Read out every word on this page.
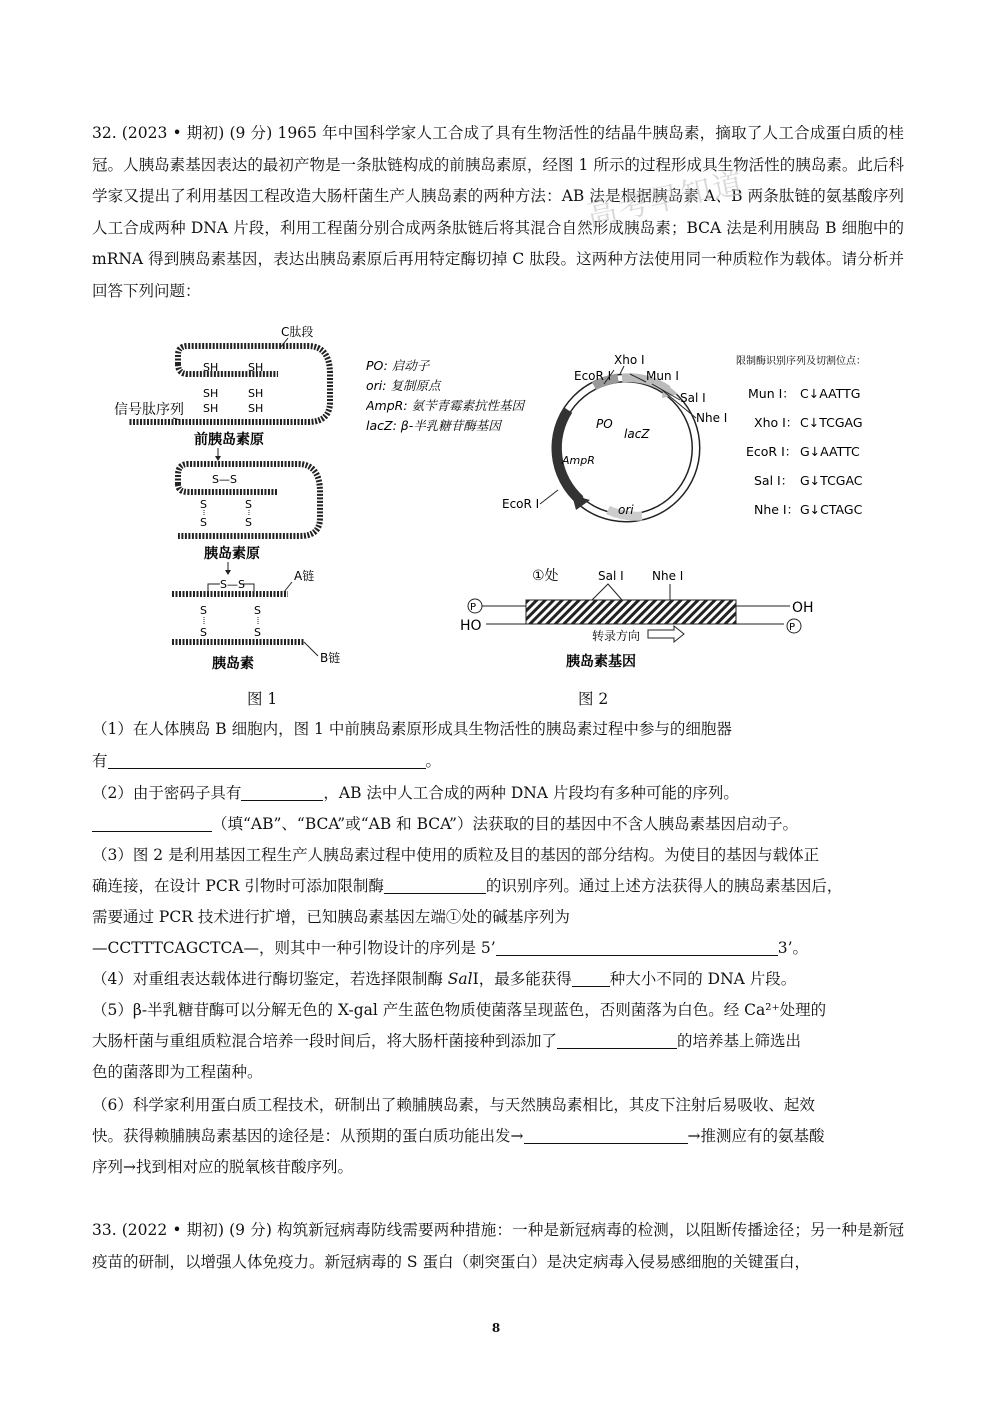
32. (2023 • 期初) (9 分) 1965 年中国科学家人工合成了具有生物活性的结晶牛胰岛素，摘取了人工合成蛋白质的桂冠。人胰岛素基因表达的最初产物是一条肽链构成的前胰岛素原，经图 1 所示的过程形成具生物活性的胰岛素。此后科学家又提出了利用基因工程改造大肠杆菌生产人胰岛素的两种方法：AB 法是根据胰岛素 A、B 两条肽链的氨基酸序列人工合成两种 DNA 片段，利用工程菌分别合成两条肽链后将其混合自然形成胰岛素；BCA 法是利用胰岛 B 细胞中的 mRNA 得到胰岛素基因，表达出胰岛素原后再用特定酶切掉 C 肽段。这两种方法使用同一种质粒作为载体。请分析并回答下列问题：
高考早知道
C肽段
SH	SH
SH	SH
SH	SH
信号肽序列
前胰岛素原
S—S
S
S
S
S
胰岛素原
S—S
A链
S
S
S
S
B链
胰岛素
图 1
PO: 启动子
ori: 复制原点
AmpR: 氨苄青霉素抗性基因
lacZ: β-半乳糖苷酶基因
Xho I
EcoR I	Mun I
Sal I
Nhe I
PO
lacZ
AmpR
EcoR I	ori
限制酶识别序列及切割位点：
Mun I： C↓AATTG
Xho I： C↓TCGAG
EcoR I： G↓AATTC
Sal I： G↓TCGAC
Nhe I： G↓CTAGC
①处	Sal I Nhe I
P
P
OH
HO
转录方向
胰岛素基因
图 2
（1）在人体胰岛 B 细胞内，图 1 中前胰岛素原形成具生物活性的胰岛素过程中参与的细胞器
有	。
（2）由于密码子具有	，AB 法中人工合成的两种 DNA 片段均有多种可能的序列。
（填“AB”、“BCA”或“AB 和 BCA”）法获取的目的基因中不含人胰岛素基因启动子。
（3）图 2 是利用基因工程生产人胰岛素过程中使用的质粒及目的基因的部分结构。为使目的基因与载体正
确连接，在设计 PCR 引物时可添加限制酶	的识别序列。通过上述方法获得人的胰岛素基因后，
需要通过 PCR 技术进行扩增，已知胰岛素基因左端①处的碱基序列为
—CCTTTCAGCTCA—，则其中一种引物设计的序列是 5’	3’。
（4）对重组表达载体进行酶切鉴定，若选择限制酶 SalⅠ，最多能获得 种大小不同的 DNA 片段。
（5）β-半乳糖苷酶可以分解无色的 X-gal 产生蓝色物质使菌落呈现蓝色，否则菌落为白色。经 Ca²⁺处理的
大肠杆菌与重组质粒混合培养一段时间后，将大肠杆菌接种到添加了	的培养基上筛选出
色的菌落即为工程菌种。
（6）科学家利用蛋白质工程技术，研制出了赖脯胰岛素，与天然胰岛素相比，其皮下注射后易吸收、起效
快。获得赖脯胰岛素基因的途径是：从预期的蛋白质功能出发→	→推测应有的氨基酸
序列→找到相对应的脱氧核苷酸序列。
33. (2022 • 期初) (9 分) 构筑新冠病毒防线需要两种措施：一种是新冠病毒的检测，以阻断传播途径；另一种是新冠疫苗的研制，以增强人体免疫力。新冠病毒的 S 蛋白（刺突蛋白）是决定病毒入侵易感细胞的关键蛋白，
8
